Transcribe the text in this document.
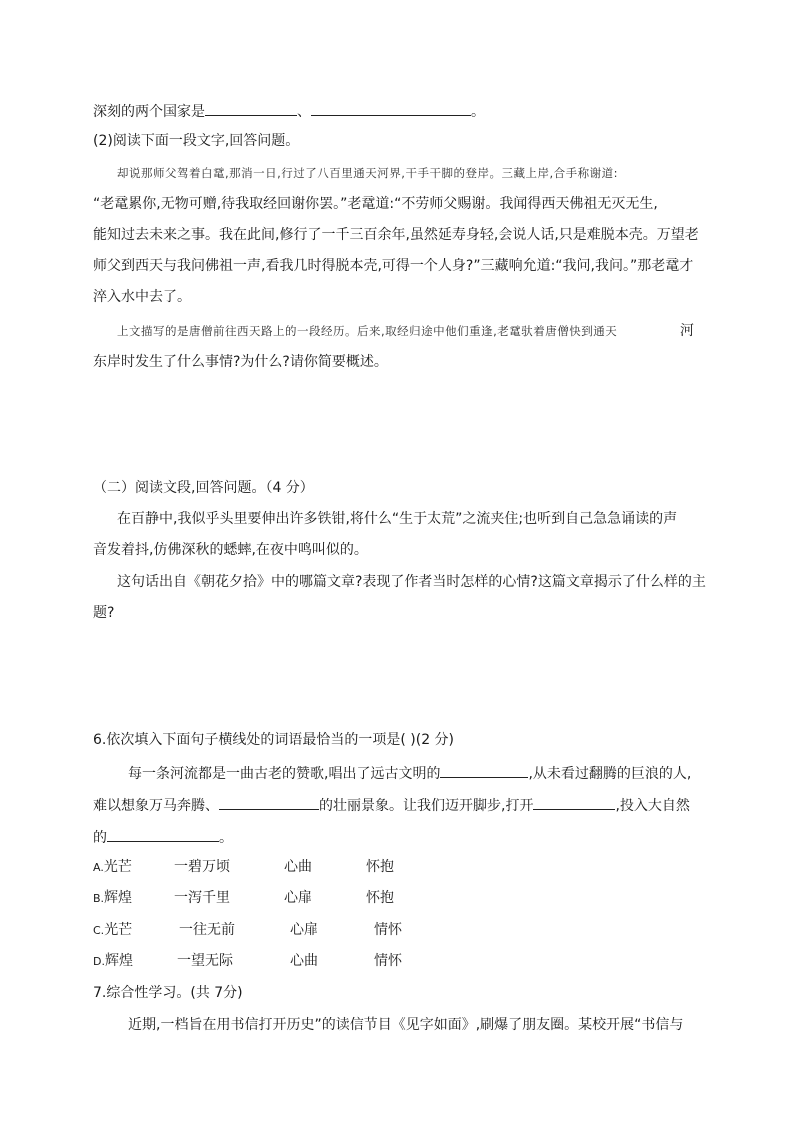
深刻的两个国家是	、	。
(2)阅读下面一段文字,回答问题。
却说那师父驾着白鼋,那消一日,行过了八百里通天河界,干手干脚的登岸。三藏上岸,合手称谢道:
“老鼋累你,无物可赠,待我取经回谢你罢。”老鼋道:“不劳师父赐谢。我闻得西天佛祖无灭无生,
能知过去未来之事。我在此间,修行了一千三百余年,虽然延寿身轻,会说人话,只是难脱本壳。万望老
师父到西天与我问佛祖一声,看我几时得脱本壳,可得一个人身?”三藏响允道:“我问,我问。”那老鼋才
淬入水中去了。
上文描写的是唐僧前往西天路上的一段经历。后来,取经归途中他们重逢,老鼋驮着唐僧快到通天	河
东岸时发生了什么事情?为什么?请你简要概述。
（二）阅读文段,回答问题。（4 分）
在百静中,我似乎头里要伸出许多铁钳,将什么“生于太荒”之流夹住;也听到自己急急诵读的声
音发着抖,仿佛深秋的蟋蟀,在夜中鸣叫似的。
这句话出自《朝花夕拾》中的哪篇文章?表现了作者当时怎样的心情?这篇文章揭示了什么样的主
题?
6.依次填入下面句子横线处的词语最恰当的一项是( )(2 分)
每一条河流都是一曲古老的赞歌,唱出了远古文明的	,从未看过翻腾的巨浪的人,
难以想象万马奔腾、	的壮丽景象。让我们迈开脚步,打开	,投入大自然
的	。
A.光芒	一碧万顷	心曲	怀抱
B.辉煌	一泻千里	心扉	怀抱
C.光芒	一往无前	心扉	情怀
D.辉煌	一望无际	心曲	情怀
7.综合性学习。(共 7分)
近期,一档旨在用书信打开历史”的读信节目《见字如面》,刷爆了朋友圈。某校开展“书信与
